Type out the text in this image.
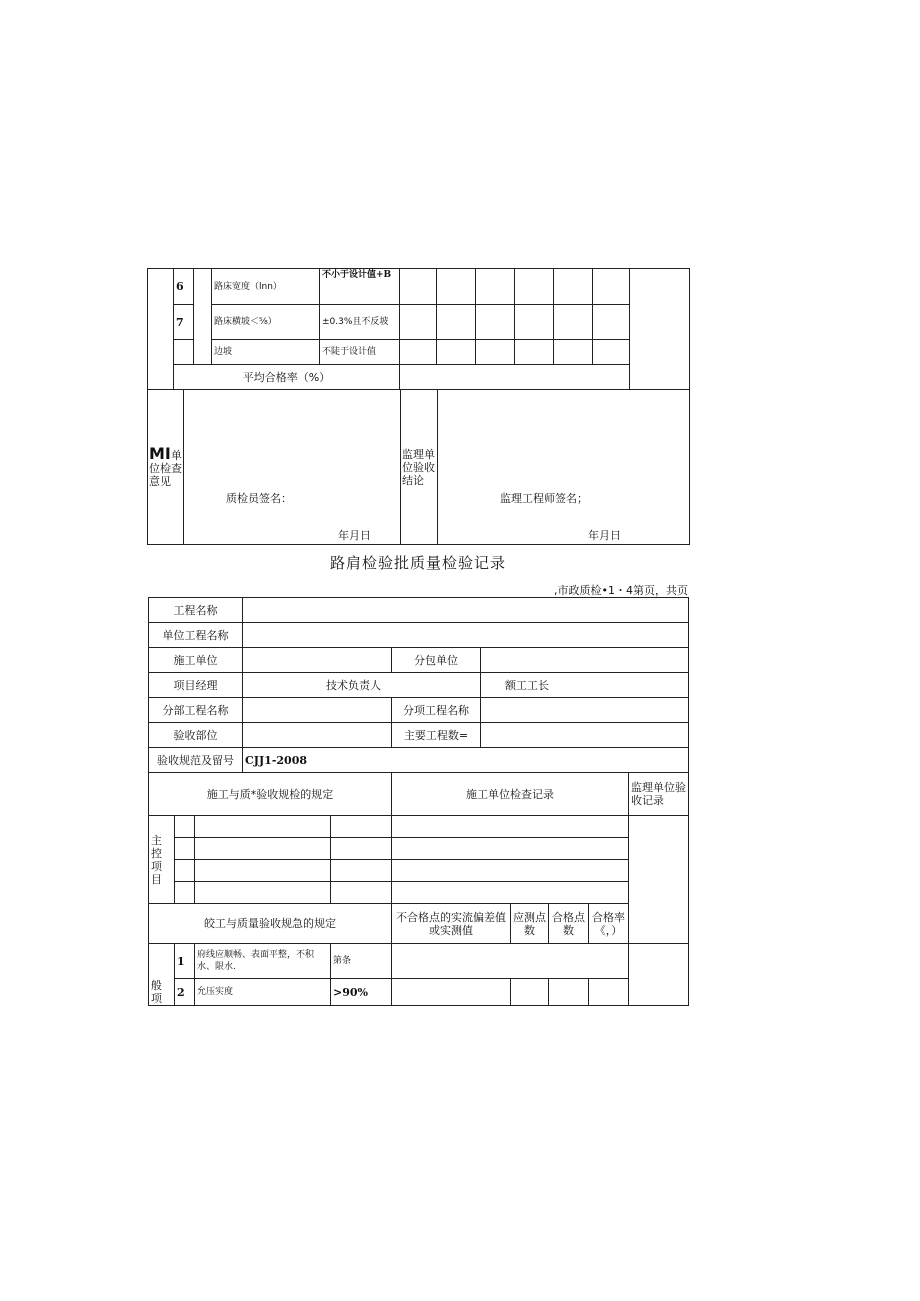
	6		路床宽度（lnn）	不小于设计值+B							
	7		路床横坡＜⅝）	±0.3%且不反坡							
			边坡	不陡于设计值							
	平均合格率（%）										
MI单位检查意见	
质检员签名：
年月日
	监理单位验收结论	
监理工程师签名；
年月日
路肩检验批质量检验记录
,市政质检•1・4第页，共页
工程名称			
单位工程名称			
施工单位		分包单位	
项目经理	技术负责人		额工工长
分部工程名称		分项工程名称	
验收部位		主要工程数=	
验收规范及留号	CJJ1-2008		
施工与质*验收规检的规定				施工单位检查记录				监理单位验收记录
主控项目								

皎工与质量验收规急的规定				不合格点的实流偏差值或实测值	应测点数	合格点数	合格率《，）	
般项	1	府线应顺畅、表面平整，不积水、限水.	第条					
	2	允压实度	>90%					
